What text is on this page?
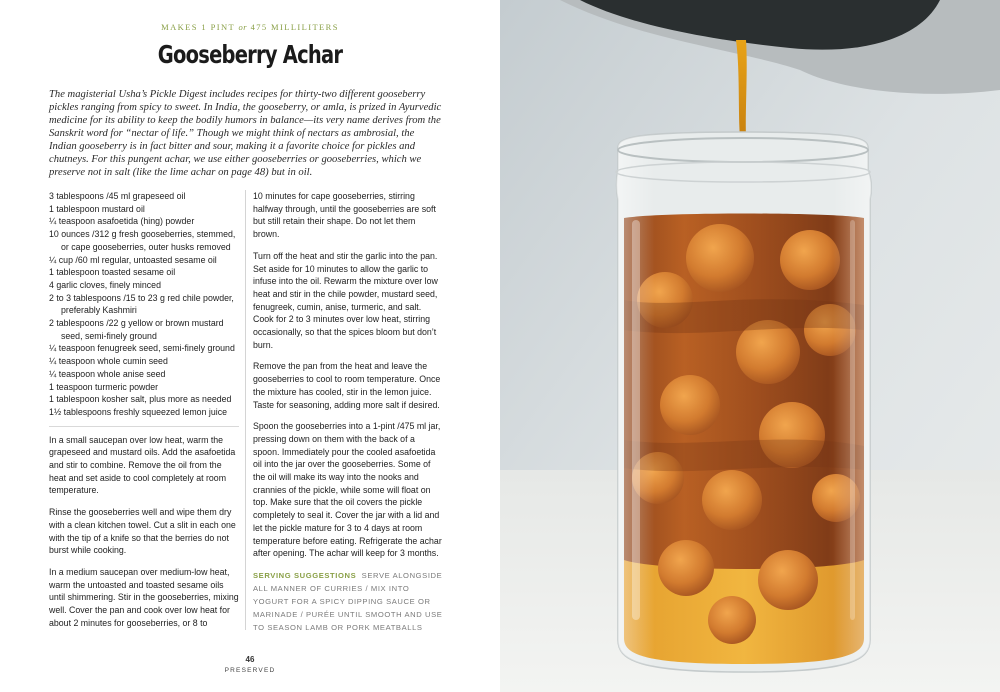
MAKES 1 PINT or 475 MILLILITERS
Gooseberry Achar

The magisterial Usha’s Pickle Digest includes recipes for thirty-two different gooseberry pickles ranging from spicy to sweet. In India, the gooseberry, or amla, is prized in Ayurvedic medicine for its ability to keep the bodily humors in balance—its very name derives from the Sanskrit word for “nectar of life.” Though we might think of nectars as ambrosial, the Indian gooseberry is in fact bitter and sour, making it a favorite choice for pickles and chutneys. For this pungent achar, we use either gooseberries or gooseberries, which we preserve not in salt (like the lime achar on page 48) but in oil.

3 tablespoons /45 ml grapeseed oil
1 tablespoon mustard oil
¼ teaspoon asafoetida (hing) powder
10 ounces /312 g fresh gooseberries, stemmed, or cape gooseberries, outer husks removed
¼ cup /60 ml regular, untoasted sesame oil
1 tablespoon toasted sesame oil
4 garlic cloves, finely minced
2 to 3 tablespoons /15 to 23 g red chile powder, preferably Kashmiri
2 tablespoons /22 g yellow or brown mustard seed, semi-finely ground
¼ teaspoon fenugreek seed, semi-finely ground
¼ teaspoon whole cumin seed
¼ teaspoon whole anise seed
1 teaspoon turmeric powder
1 tablespoon kosher salt, plus more as needed
1½ tablespoons freshly squeezed lemon juice

In a small saucepan over low heat, warm the grapeseed and mustard oils. Add the asafoetida and stir to combine. Remove the oil from the heat and set aside to cool completely at room temperature.

Rinse the gooseberries well and wipe them dry with a clean kitchen towel. Cut a slit in each one with the tip of a knife so that the berries do not burst while cooking.

In a medium saucepan over medium-low heat, warm the untoasted and toasted sesame oils until shimmering. Stir in the gooseberries, mixing well. Cover the pan and cook over low heat for about 2 minutes for gooseberries, or 8 to

10 minutes for cape gooseberries, stirring halfway through, until the gooseberries are soft but still retain their shape. Do not let them brown.

Turn off the heat and stir the garlic into the pan. Set aside for 10 minutes to allow the garlic to infuse into the oil. Rewarm the mixture over low heat and stir in the chile powder, mustard seed, fenugreek, cumin, anise, turmeric, and salt. Cook for 2 to 3 minutes over low heat, stirring occasionally, so that the spices bloom but don’t burn.

Remove the pan from the heat and leave the gooseberries to cool to room temperature. Once the mixture has cooled, stir in the lemon juice. Taste for seasoning, adding more salt if desired.

Spoon the gooseberries into a 1-pint /475 ml jar, pressing down on them with the back of a spoon. Immediately pour the cooled asafoetida oil into the jar over the gooseberries. Some of the oil will make its way into the nooks and crannies of the pickle, while some will float on top. Make sure that the oil covers the pickle completely to seal it. Cover the jar with a lid and let the pickle mature for 3 to 4 days at room temperature before eating. Refrigerate the achar after opening. The achar will keep for 3 months.

SERVING SUGGESTIONS SERVE ALONGSIDE ALL MANNER OF CURRIES / MIX INTO YOGURT FOR A SPICY DIPPING SAUCE OR MARINADE / PURÉE UNTIL SMOOTH AND USE TO SEASON LAMB OR PORK MEATBALLS
46
PRESERVED
